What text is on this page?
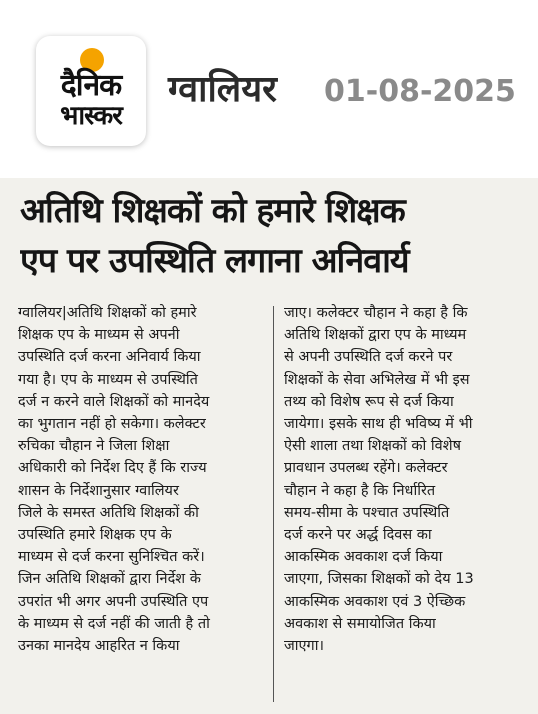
दैनिक
भास्कर
ग्वालियर 01-08-2025
अतिथि शिक्षकों को हमारे शिक्षक
एप पर उपस्थिति लगाना अनिवार्य
ग्वालियर|अतिथि शिक्षकों को हमारे
शिक्षक एप के माध्यम से अपनी
उपस्थिति दर्ज करना अनिवार्य किया
गया है। एप के माध्यम से उपस्थिति
दर्ज न करने वाले शिक्षकों को मानदेय
का भुगतान नहीं हो सकेगा। कलेक्टर
रुचिका चौहान ने जिला शिक्षा
अधिकारी को निर्देश दिए हैं कि राज्य
शासन के निर्देशानुसार ग्वालियर
जिले के समस्त अतिथि शिक्षकों की
उपस्थिति हमारे शिक्षक एप के
माध्यम से दर्ज करना सुनिश्चित करें।
जिन अतिथि शिक्षकों द्वारा निर्देश के
उपरांत भी अगर अपनी उपस्थिति एप
के माध्यम से दर्ज नहीं की जाती है तो
उनका मानदेय आहरित न किया
जाए। कलेक्टर चौहान ने कहा है कि
अतिथि शिक्षकों द्वारा एप के माध्यम
से अपनी उपस्थिति दर्ज करने पर
शिक्षकों के सेवा अभिलेख में भी इस
तथ्य को विशेष रूप से दर्ज किया
जायेगा। इसके साथ ही भविष्य में भी
ऐसी शाला तथा शिक्षकों को विशेष
प्रावधान उपलब्ध रहेंगे। कलेक्टर
चौहान ने कहा है कि निर्धारित
समय-सीमा के पश्चात उपस्थिति
दर्ज करने पर अर्द्ध दिवस का
आकस्मिक अवकाश दर्ज किया
जाएगा, जिसका शिक्षकों को देय 13
आकस्मिक अवकाश एवं 3 ऐच्छिक
अवकाश से समायोजित किया
जाएगा।
